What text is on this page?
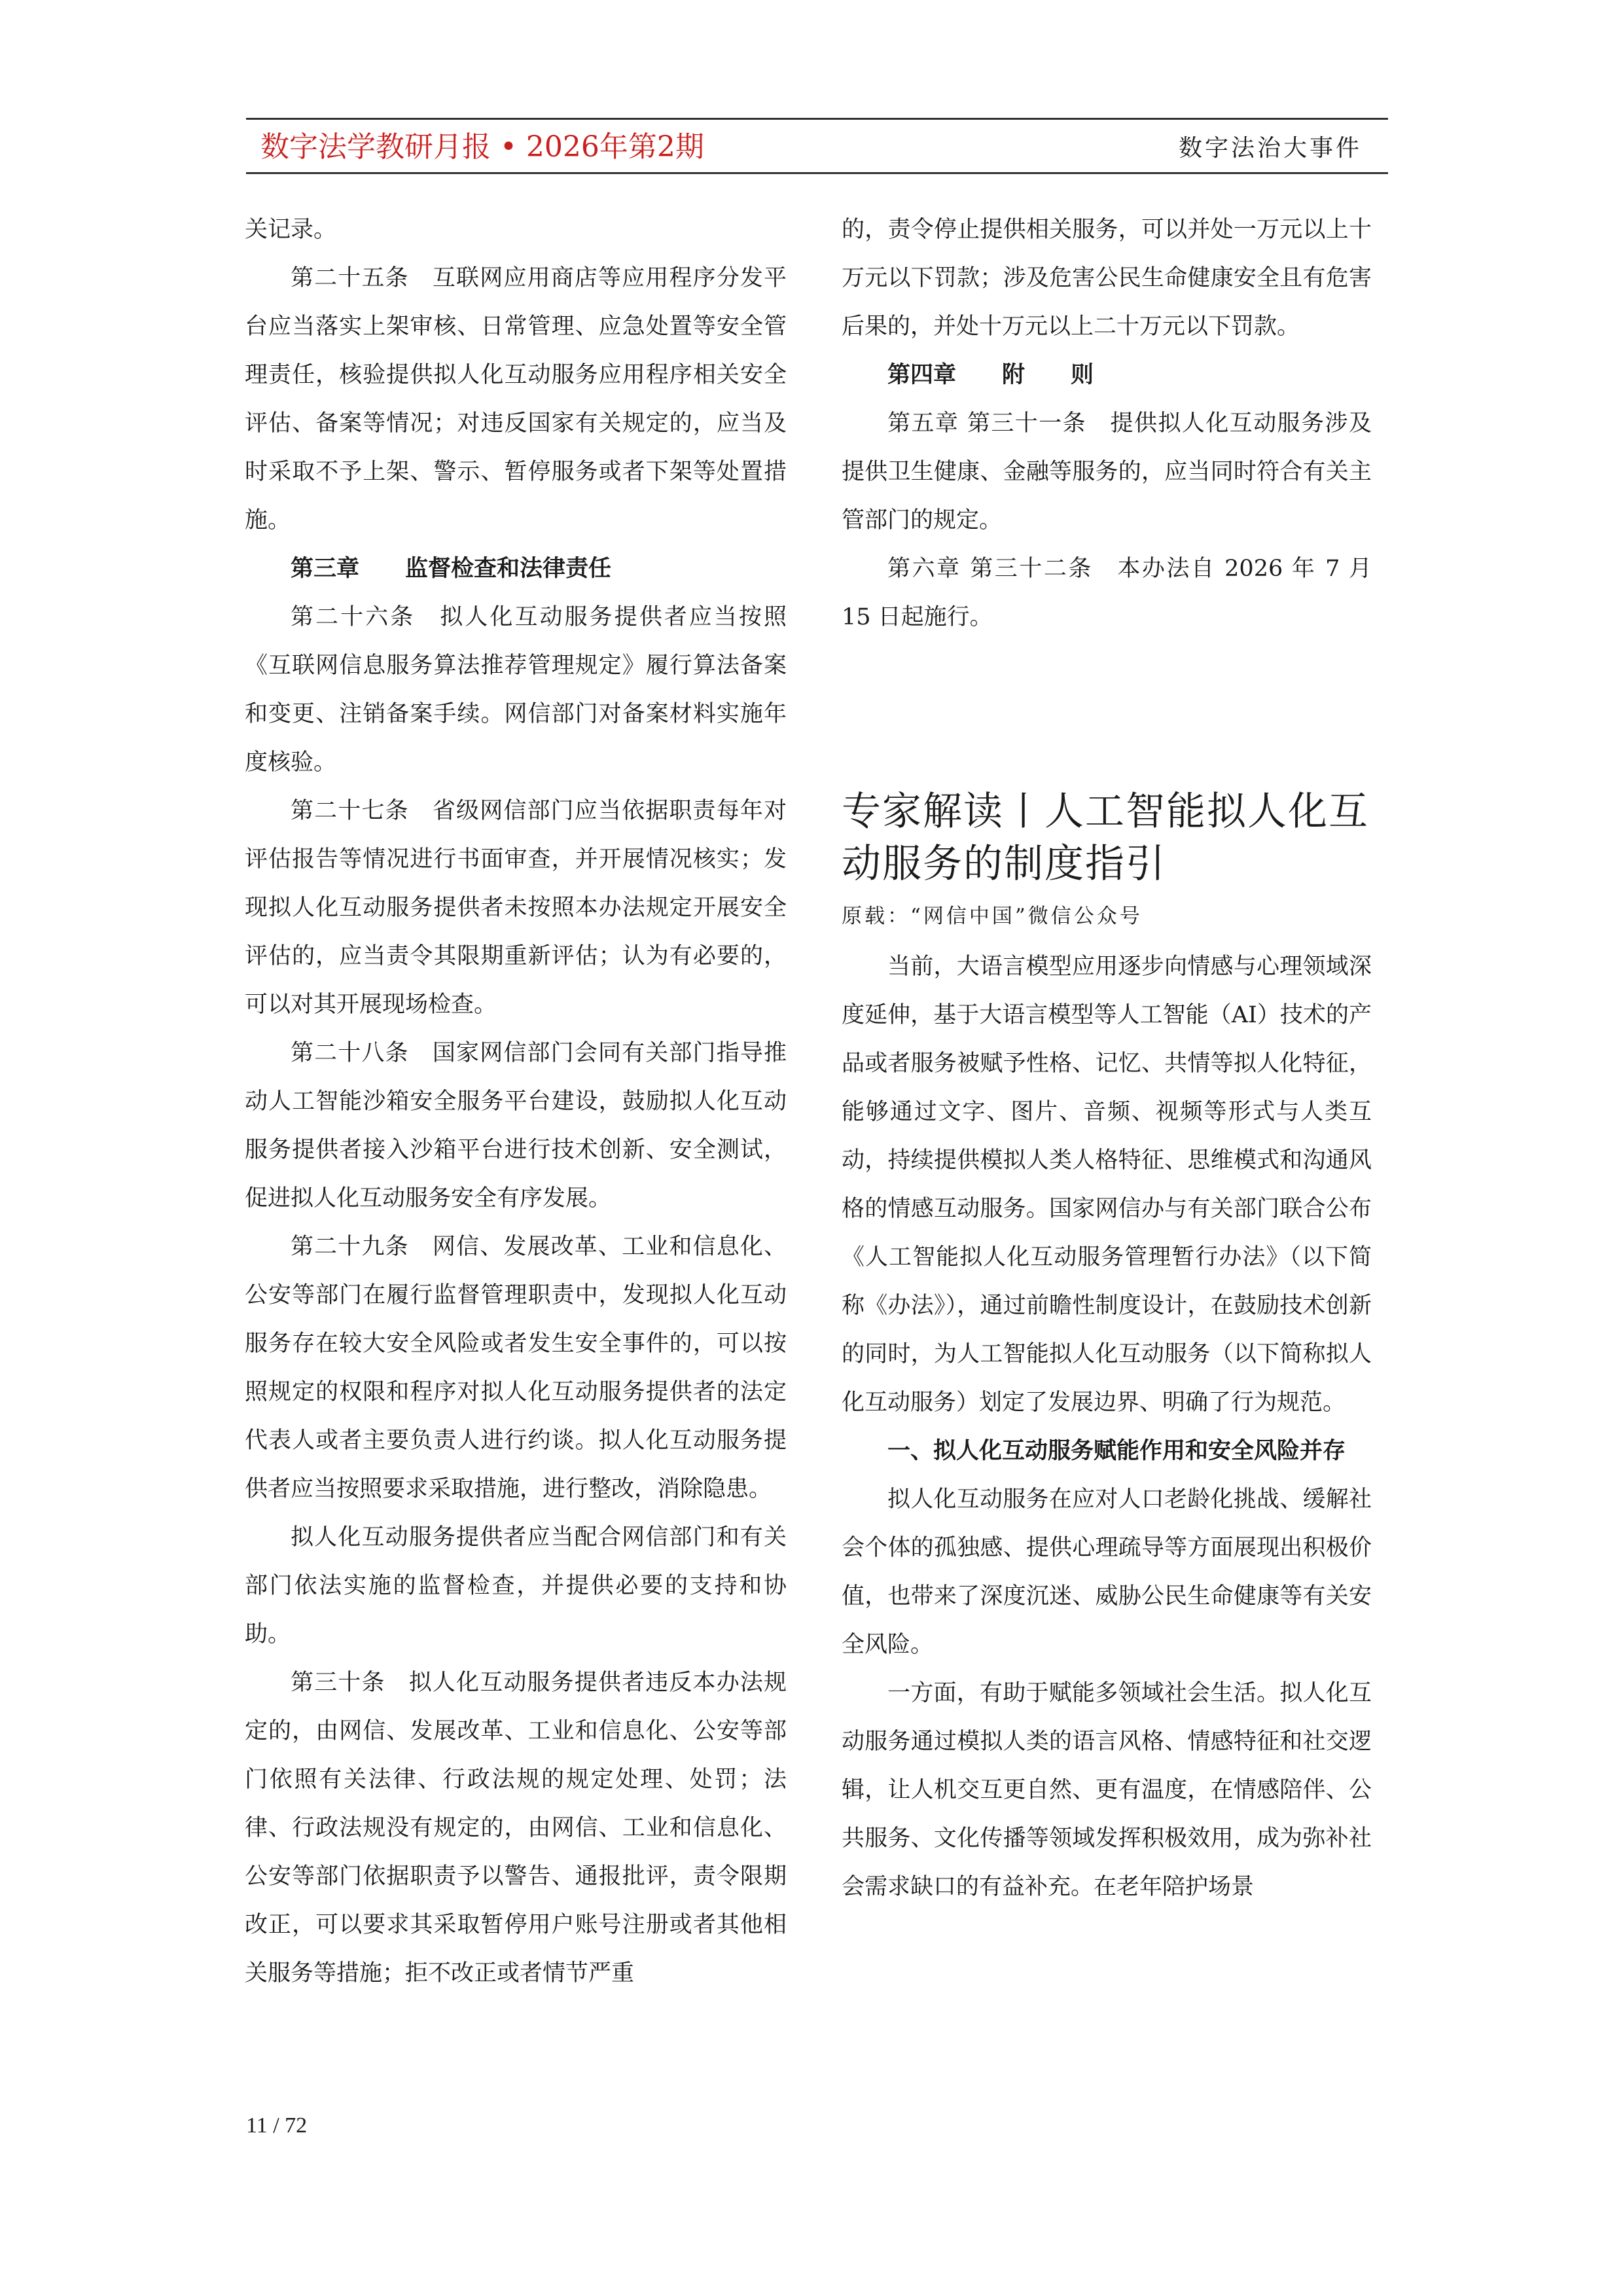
数字法学教研月报 • 2026年第2期	数字法治大事件

关记录。

第二十五条　互联网应用商店等应用程序分发平台应当落实上架审核、日常管理、应急处置等安全管理责任，核验提供拟人化互动服务应用程序相关安全评估、备案等情况；对违反国家有关规定的，应当及时采取不予上架、警示、暂停服务或者下架等处置措施。

第三章　　监督检查和法律责任

第二十六条　拟人化互动服务提供者应当按照《互联网信息服务算法推荐管理规定》履行算法备案和变更、注销备案手续。网信部门对备案材料实施年度核验。

第二十七条　省级网信部门应当依据职责每年对评估报告等情况进行书面审查，并开展情况核实；发现拟人化互动服务提供者未按照本办法规定开展安全评估的，应当责令其限期重新评估；认为有必要的，可以对其开展现场检查。

第二十八条　国家网信部门会同有关部门指导推动人工智能沙箱安全服务平台建设，鼓励拟人化互动服务提供者接入沙箱平台进行技术创新、安全测试，促进拟人化互动服务安全有序发展。

第二十九条　网信、发展改革、工业和信息化、公安等部门在履行监督管理职责中，发现拟人化互动服务存在较大安全风险或者发生安全事件的，可以按照规定的权限和程序对拟人化互动服务提供者的法定代表人或者主要负责人进行约谈。拟人化互动服务提供者应当按照要求采取措施，进行整改，消除隐患。

拟人化互动服务提供者应当配合网信部门和有关部门依法实施的监督检查，并提供必要的支持和协助。

第三十条　拟人化互动服务提供者违反本办法规定的，由网信、发展改革、工业和信息化、公安等部门依照有关法律、行政法规的规定处理、处罚；法律、行政法规没有规定的，由网信、工业和信息化、公安等部门依据职责予以警告、通报批评，责令限期改正，可以要求其采取暂停用户账号注册或者其他相关服务等措施；拒不改正或者情节严重

的，责令停止提供相关服务，可以并处一万元以上十万元以下罚款；涉及危害公民生命健康安全且有危害后果的，并处十万元以上二十万元以下罚款。

第四章　　附　　则

第五章 第三十一条　提供拟人化互动服务涉及提供卫生健康、金融等服务的，应当同时符合有关主管部门的规定。

第六章 第三十二条　本办法自 2026 年 7 月 15 日起施行。

专家解读丨人工智能拟人化互动服务的制度指引

原载：“网信中国”微信公众号

当前，大语言模型应用逐步向情感与心理领域深度延伸，基于大语言模型等人工智能（AI）技术的产品或者服务被赋予性格、记忆、共情等拟人化特征，能够通过文字、图片、音频、视频等形式与人类互动，持续提供模拟人类人格特征、思维模式和沟通风格的情感互动服务。国家网信办与有关部门联合公布《人工智能拟人化互动服务管理暂行办法》（以下简称《办法》），通过前瞻性制度设计，在鼓励技术创新的同时，为人工智能拟人化互动服务（以下简称拟人化互动服务）划定了发展边界、明确了行为规范。

一、拟人化互动服务赋能作用和安全风险并存

拟人化互动服务在应对人口老龄化挑战、缓解社会个体的孤独感、提供心理疏导等方面展现出积极价值，也带来了深度沉迷、威胁公民生命健康等有关安全风险。

一方面，有助于赋能多领域社会生活。拟人化互动服务通过模拟人类的语言风格、情感特征和社交逻辑，让人机交互更自然、更有温度，在情感陪伴、公共服务、文化传播等领域发挥积极效用，成为弥补社会需求缺口的有益补充。在老年陪护场景

11 / 72
